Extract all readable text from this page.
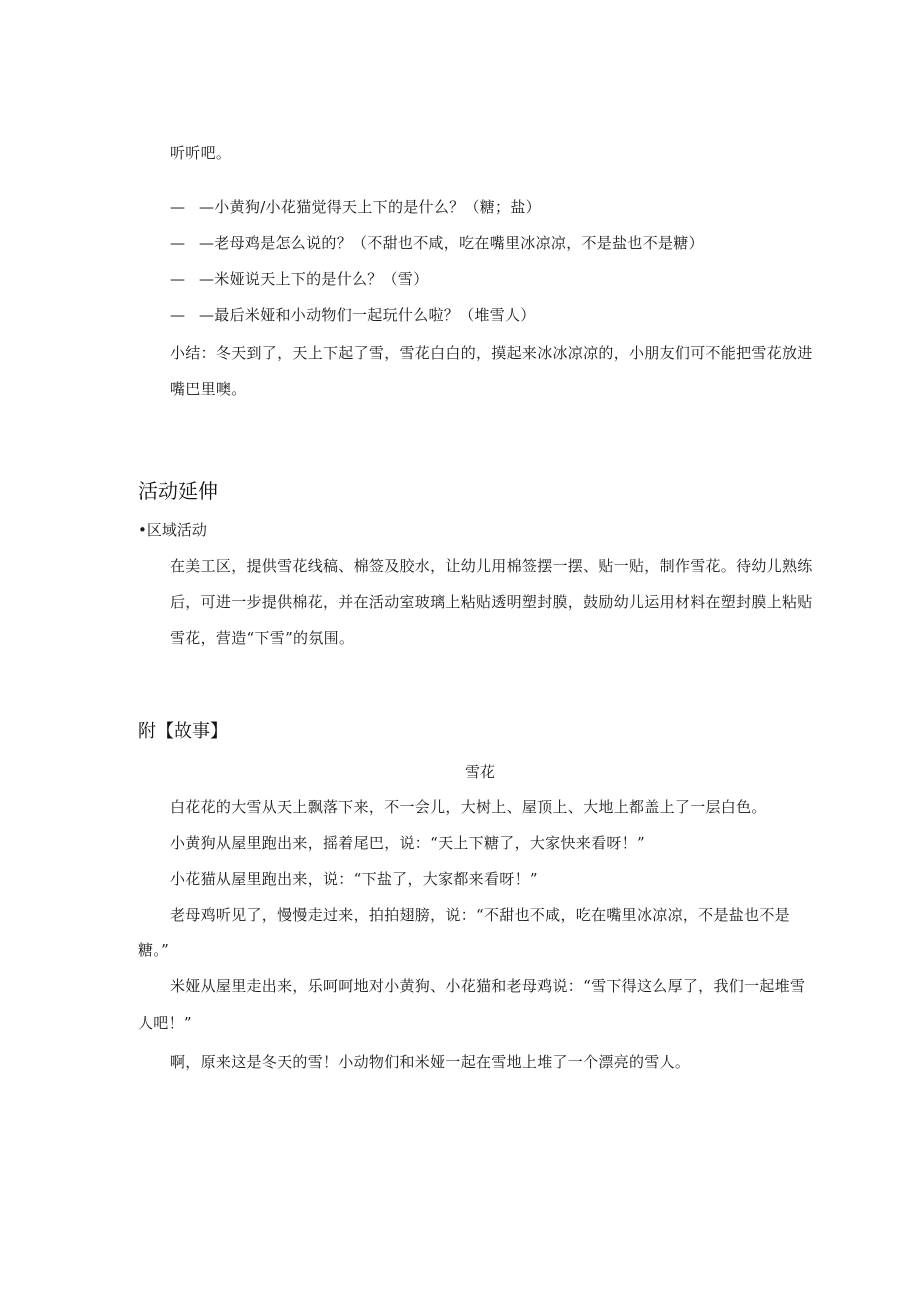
听听吧。
— —小黄狗/小花猫觉得天上下的是什么？（糖；盐）
— —老母鸡是怎么说的？（不甜也不咸，吃在嘴里冰凉凉，不是盐也不是糖）
— —米娅说天上下的是什么？（雪）
— —最后米娅和小动物们一起玩什么啦？（堆雪人）
小结：冬天到了，天上下起了雪，雪花白白的，摸起来冰冰凉凉的，小朋友们可不能把雪花放进
嘴巴里噢。
活动延伸
•区域活动
在美工区，提供雪花线稿、棉签及胶水，让幼儿用棉签摆一摆、贴一贴，制作雪花。待幼儿熟练
后，可进一步提供棉花，并在活动室玻璃上粘贴透明塑封膜，鼓励幼儿运用材料在塑封膜上粘贴
雪花，营造“下雪”的氛围。
附【故事】
雪花
白花花的大雪从天上飘落下来，不一会儿，大树上、屋顶上、大地上都盖上了一层白色。
小黄狗从屋里跑出来，摇着尾巴，说：“天上下糖了，大家快来看呀！”
小花猫从屋里跑出来，说：“下盐了，大家都来看呀！”
老母鸡听见了，慢慢走过来，拍拍翅膀，说：“不甜也不咸，吃在嘴里冰凉凉，不是盐也不是
糖。”
米娅从屋里走出来，乐呵呵地对小黄狗、小花猫和老母鸡说：“雪下得这么厚了，我们一起堆雪
人吧！”
啊，原来这是冬天的雪！小动物们和米娅一起在雪地上堆了一个漂亮的雪人。
